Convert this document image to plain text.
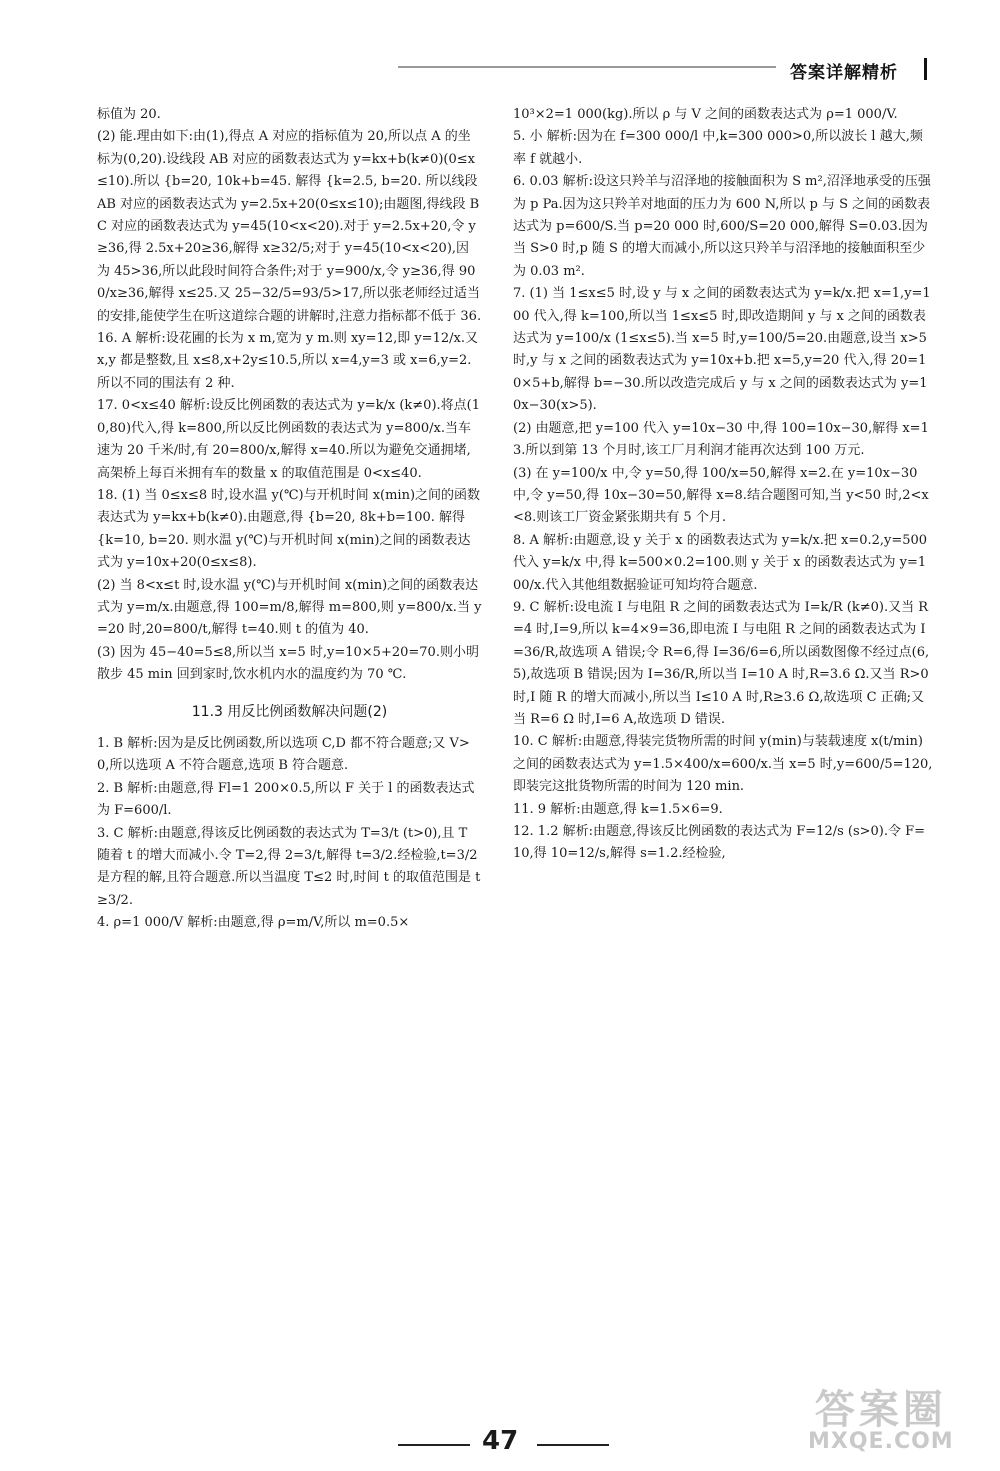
答案详解精析

标值为 20.

(2) 能.理由如下:由(1),得点 A 对应的指标值为 20,所以点 A 的坐标为(0,20).设线段 AB 对应的函数表达式为 y=kx+b(k≠0)(0≤x≤10).所以 {b=20, 10k+b=45. 解得 {k=2.5, b=20. 所以线段 AB 对应的函数表达式为 y=2.5x+20(0≤x≤10);由题图,得线段 BC 对应的函数表达式为 y=45(10<x<20).对于 y=2.5x+20,令 y≥36,得 2.5x+20≥36,解得 x≥32/5;对于 y=45(10<x<20),因为 45>36,所以此段时间符合条件;对于 y=900/x,令 y≥36,得 900/x≥36,解得 x≤25.又 25−32/5=93/5>17,所以张老师经过适当的安排,能使学生在听这道综合题的讲解时,注意力指标都不低于 36.

16. A 解析:设花圃的长为 x m,宽为 y m.则 xy=12,即 y=12/x.又 x,y 都是整数,且 x≤8,x+2y≤10.5,所以 x=4,y=3 或 x=6,y=2.所以不同的围法有 2 种.

17. 0<x≤40 解析:设反比例函数的表达式为 y=k/x (k≠0).将点(10,80)代入,得 k=800,所以反比例函数的表达式为 y=800/x.当车速为 20 千米/时,有 20=800/x,解得 x=40.所以为避免交通拥堵,高架桥上每百米拥有车的数量 x 的取值范围是 0<x≤40.

18. (1) 当 0≤x≤8 时,设水温 y(℃)与开机时间 x(min)之间的函数表达式为 y=kx+b(k≠0).由题意,得 {b=20, 8k+b=100. 解得 {k=10, b=20. 则水温 y(℃)与开机时间 x(min)之间的函数表达式为 y=10x+20(0≤x≤8).

(2) 当 8<x≤t 时,设水温 y(℃)与开机时间 x(min)之间的函数表达式为 y=m/x.由题意,得 100=m/8,解得 m=800,则 y=800/x.当 y=20 时,20=800/t,解得 t=40.则 t 的值为 40.

(3) 因为 45−40=5≤8,所以当 x=5 时,y=10×5+20=70.则小明散步 45 min 回到家时,饮水机内水的温度约为 70 ℃.

11.3 用反比例函数解决问题(2)

1. B 解析:因为是反比例函数,所以选项 C,D 都不符合题意;又 V>0,所以选项 A 不符合题意,选项 B 符合题意.

2. B 解析:由题意,得 Fl=1 200×0.5,所以 F 关于 l 的函数表达式为 F=600/l.

3. C 解析:由题意,得该反比例函数的表达式为 T=3/t (t>0),且 T 随着 t 的增大而减小.令 T=2,得 2=3/t,解得 t=3/2.经检验,t=3/2 是方程的解,且符合题意.所以当温度 T≤2 时,时间 t 的取值范围是 t≥3/2.

4. ρ=1 000/V 解析:由题意,得 ρ=m/V,所以 m=0.5×

10³×2=1 000(kg).所以 ρ 与 V 之间的函数表达式为 ρ=1 000/V.

5. 小 解析:因为在 f=300 000/l 中,k=300 000>0,所以波长 l 越大,频率 f 就越小.

6. 0.03 解析:设这只羚羊与沼泽地的接触面积为 S m²,沼泽地承受的压强为 p Pa.因为这只羚羊对地面的压力为 600 N,所以 p 与 S 之间的函数表达式为 p=600/S.当 p=20 000 时,600/S=20 000,解得 S=0.03.因为当 S>0 时,p 随 S 的增大而减小,所以这只羚羊与沼泽地的接触面积至少为 0.03 m².

7. (1) 当 1≤x≤5 时,设 y 与 x 之间的函数表达式为 y=k/x.把 x=1,y=100 代入,得 k=100,所以当 1≤x≤5 时,即改造期间 y 与 x 之间的函数表达式为 y=100/x (1≤x≤5).当 x=5 时,y=100/5=20.由题意,设当 x>5 时,y 与 x 之间的函数表达式为 y=10x+b.把 x=5,y=20 代入,得 20=10×5+b,解得 b=−30.所以改造完成后 y 与 x 之间的函数表达式为 y=10x−30(x>5).

(2) 由题意,把 y=100 代入 y=10x−30 中,得 100=10x−30,解得 x=13.所以到第 13 个月时,该工厂月利润才能再次达到 100 万元.

(3) 在 y=100/x 中,令 y=50,得 100/x=50,解得 x=2.在 y=10x−30 中,令 y=50,得 10x−30=50,解得 x=8.结合题图可知,当 y<50 时,2<x<8.则该工厂资金紧张期共有 5 个月.

8. A 解析:由题意,设 y 关于 x 的函数表达式为 y=k/x.把 x=0.2,y=500 代入 y=k/x 中,得 k=500×0.2=100.则 y 关于 x 的函数表达式为 y=100/x.代入其他组数据验证可知均符合题意.

9. C 解析:设电流 I 与电阻 R 之间的函数表达式为 I=k/R (k≠0).又当 R=4 时,I=9,所以 k=4×9=36,即电流 I 与电阻 R 之间的函数表达式为 I=36/R,故选项 A 错误;令 R=6,得 I=36/6=6,所以函数图像不经过点(6,5),故选项 B 错误;因为 I=36/R,所以当 I=10 A 时,R=3.6 Ω.又当 R>0 时,I 随 R 的增大而减小,所以当 I≤10 A 时,R≥3.6 Ω,故选项 C 正确;又当 R=6 Ω 时,I=6 A,故选项 D 错误.

10. C 解析:由题意,得装完货物所需的时间 y(min)与装载速度 x(t/min)之间的函数表达式为 y=1.5×400/x=600/x.当 x=5 时,y=600/5=120,即装完这批货物所需的时间为 120 min.

11. 9 解析:由题意,得 k=1.5×6=9.

12. 1.2 解析:由题意,得该反比例函数的表达式为 F=12/s (s>0).令 F=10,得 10=12/s,解得 s=1.2.经检验,

47
答案圈
MXQE.COM
